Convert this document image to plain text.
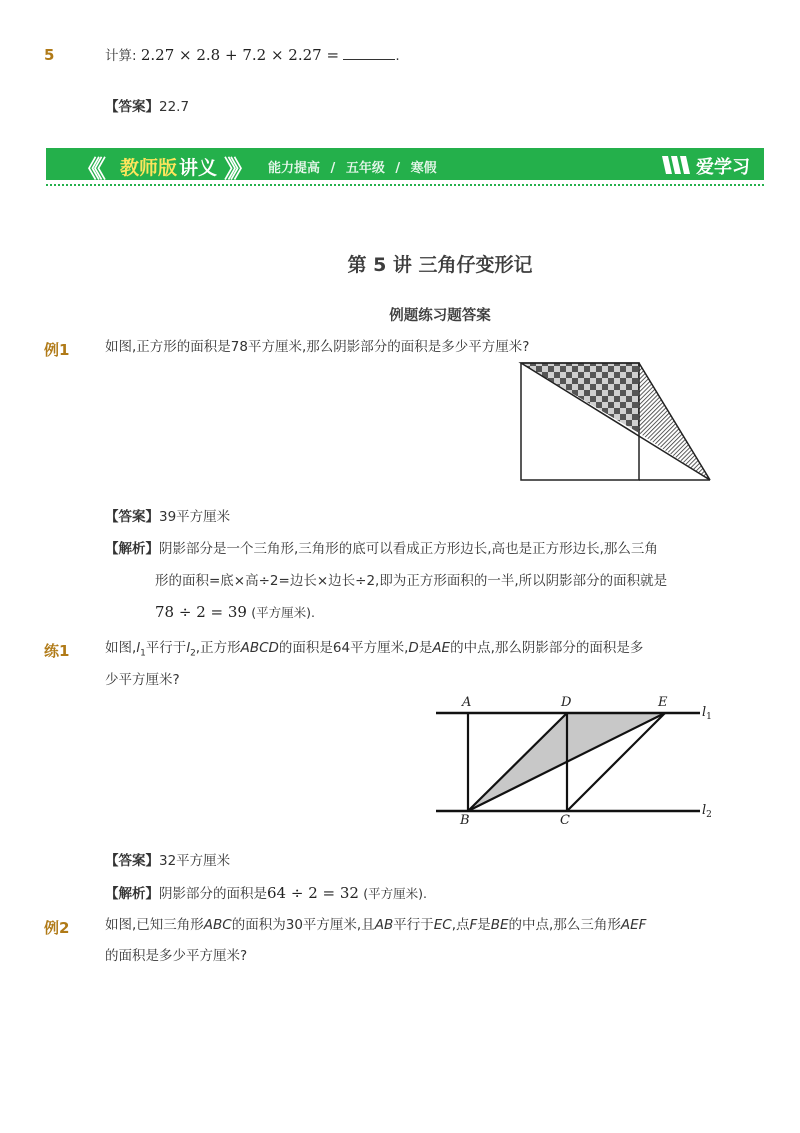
5	计算: 2.27 × 2.8 + 7.2 × 2.27 =	.
【答案】22.7
《《 教师版 讲义 》》 能力提高 / 五年级 / 寒假	爱学习
第 5 讲 三角仔变形记
例题练习题答案
例1	如图,正方形的面积是78平方厘米,那么阴影部分的面积是多少平方厘米?
【答案】39平方厘米
【解析】阴影部分是一个三角形,三角形的底可以看成正方形边长,高也是正方形边长,那么三角
形的面积=底×高÷2=边长×边长÷2,即为正方形面积的一半,所以阴影部分的面积就是
78 ÷ 2 = 39 (平方厘米).
练1	如图$,l_1$平行于$l_2$,正方形ABCD的面积是64平方厘米,D是AE的中点,那么阴影部分的面积是多
少平方厘米?
A	D	E
B	C
$l_1$
$l_2$
【答案】32平方厘米
【解析】阴影部分的面积是64 ÷ 2 = 32 (平方厘米).
例2	如图,已知三角形ABC的面积为30平方厘米,且AB平行于EC,点F是BE的中点,那么三角形AEF
的面积是多少平方厘米?
